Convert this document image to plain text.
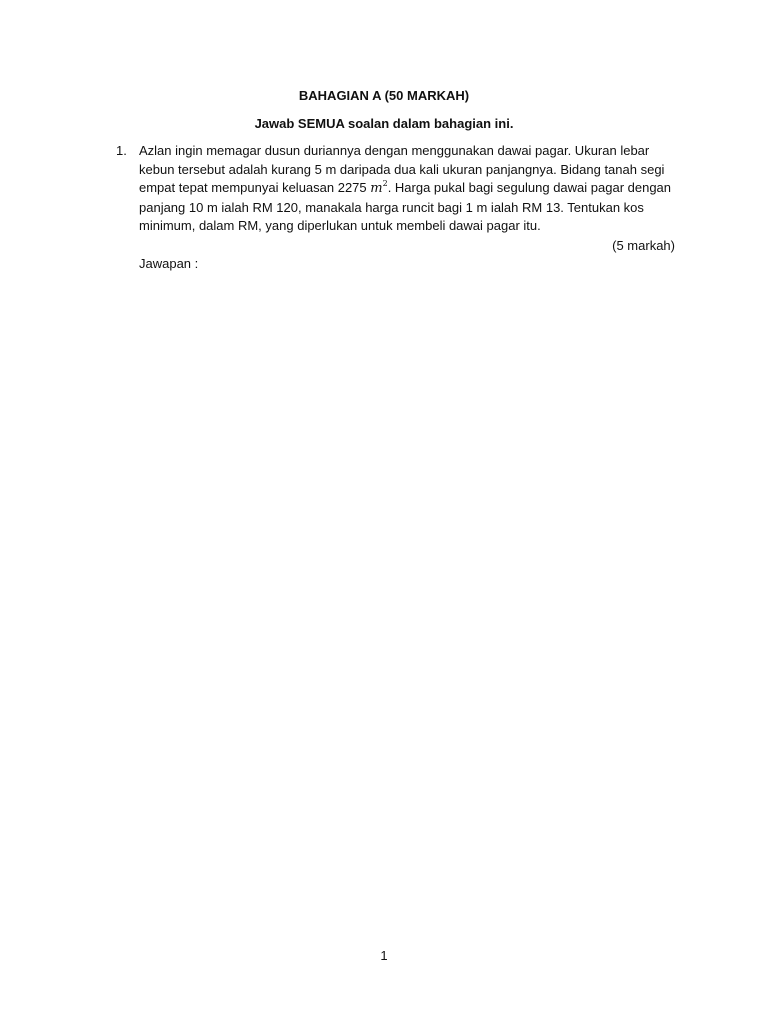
BAHAGIAN A (50 MARKAH)
Jawab SEMUA soalan dalam bahagian ini.
1. Azlan ingin memagar dusun duriannya dengan menggunakan dawai pagar. Ukuran lebar
kebun tersebut adalah kurang 5 m daripada dua kali ukuran panjangnya. Bidang tanah segi
empat tepat mempunyai keluasan 2275 $m^2$. Harga pukal bagi segulung dawai pagar dengan
panjang 10 m ialah RM 120, manakala harga runcit bagi 1 m ialah RM 13. Tentukan kos
minimum, dalam RM, yang diperlukan untuk membeli dawai pagar itu.
(5 markah)
Jawapan :
1
